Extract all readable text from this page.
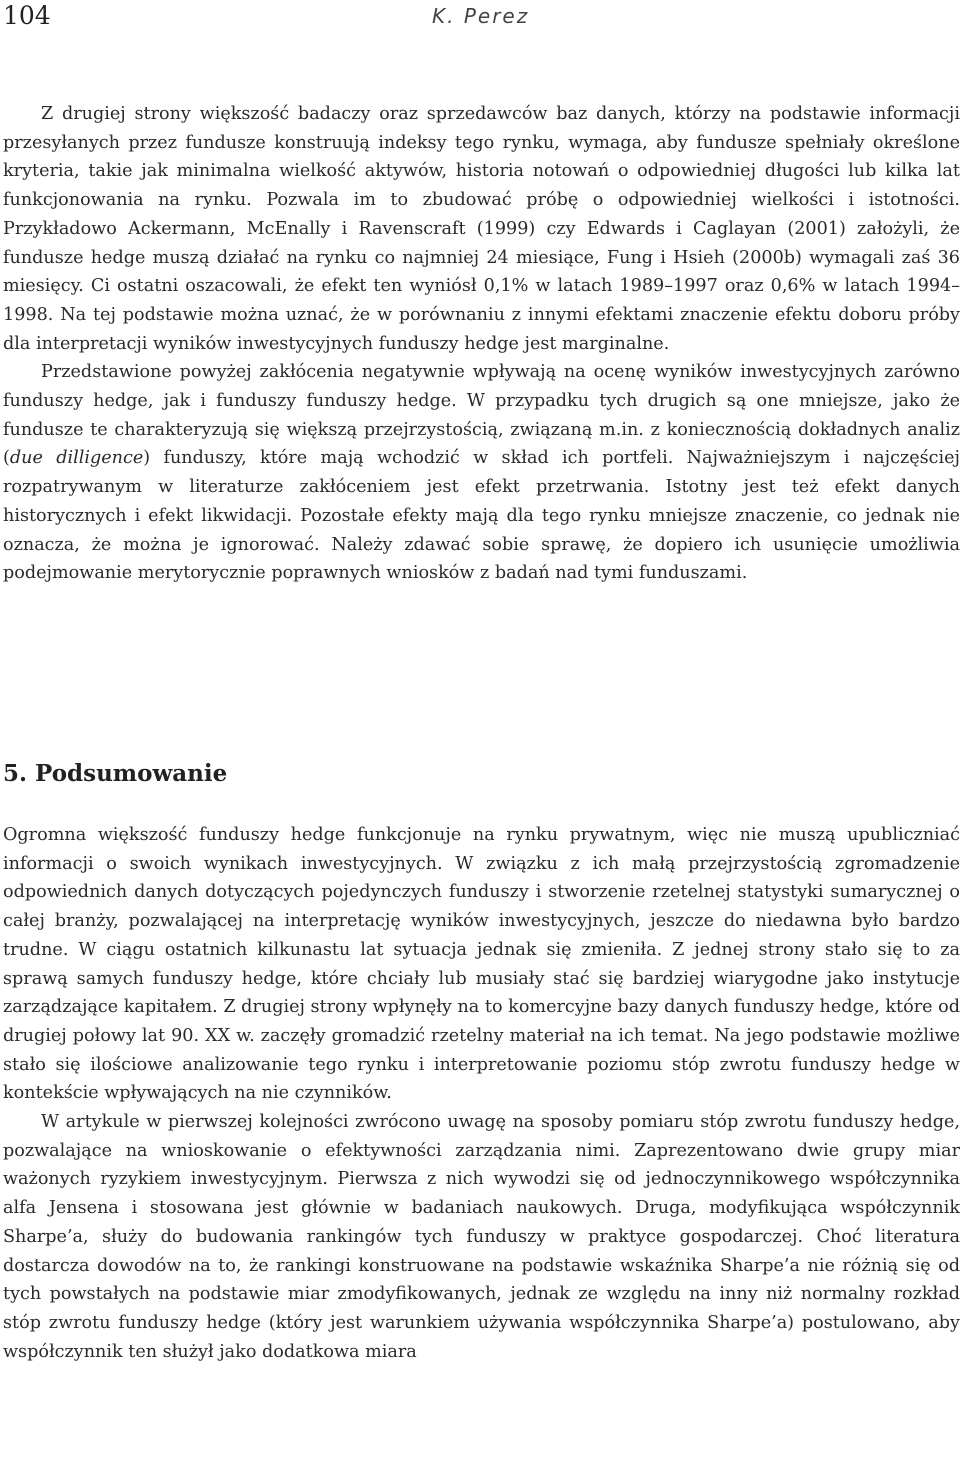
104	K. Perez

Z drugiej strony większość badaczy oraz sprzedawców baz danych, którzy na podstawie informacji przesyłanych przez fundusze konstruują indeksy tego rynku, wymaga, aby fundusze spełniały określone kryteria, takie jak minimalna wielkość aktywów, historia notowań o odpowiedniej długości lub kilka lat funkcjonowania na rynku. Pozwala im to zbudować próbę o odpowiedniej wielkości i istotności. Przykładowo Ackermann, McEnally i Ravenscraft (1999) czy Edwards i Caglayan (2001) założyli, że fundusze hedge muszą działać na rynku co najmniej 24 miesiące, Fung i Hsieh (2000b) wymagali zaś 36 miesięcy. Ci ostatni oszacowali, że efekt ten wyniósł 0,1% w latach 1989–1997 oraz 0,6% w latach 1994–1998. Na tej podstawie można uznać, że w porównaniu z innymi efektami znaczenie efektu doboru próby dla interpretacji wyników inwestycyjnych funduszy hedge jest marginalne.

Przedstawione powyżej zakłócenia negatywnie wpływają na ocenę wyników inwestycyjnych zarówno funduszy hedge, jak i funduszy funduszy hedge. W przypadku tych drugich są one mniejsze, jako że fundusze te charakteryzują się większą przejrzystością, związaną m.in. z koniecznością dokładnych analiz (due dilligence) funduszy, które mają wchodzić w skład ich portfeli. Najważniejszym i najczęściej rozpatrywanym w literaturze zakłóceniem jest efekt przetrwania. Istotny jest też efekt danych historycznych i efekt likwidacji. Pozostałe efekty mają dla tego rynku mniejsze znaczenie, co jednak nie oznacza, że można je ignorować. Należy zdawać sobie sprawę, że dopiero ich usunięcie umożliwia podejmowanie merytorycznie poprawnych wniosków z badań nad tymi funduszami.

5. Podsumowanie

Ogromna większość funduszy hedge funkcjonuje na rynku prywatnym, więc nie muszą upubliczniać informacji o swoich wynikach inwestycyjnych. W związku z ich małą przejrzystością zgromadzenie odpowiednich danych dotyczących pojedynczych funduszy i stworzenie rzetelnej statystyki sumarycznej o całej branży, pozwalającej na interpretację wyników inwestycyjnych, jeszcze do niedawna było bardzo trudne. W ciągu ostatnich kilkunastu lat sytuacja jednak się zmieniła. Z jednej strony stało się to za sprawą samych funduszy hedge, które chciały lub musiały stać się bardziej wiarygodne jako instytucje zarządzające kapitałem. Z drugiej strony wpłynęły na to komercyjne bazy danych funduszy hedge, które od drugiej połowy lat 90. XX w. zaczęły gromadzić rzetelny materiał na ich temat. Na jego podstawie możliwe stało się ilościowe analizowanie tego rynku i interpretowanie poziomu stóp zwrotu funduszy hedge w kontekście wpływających na nie czynników.

W artykule w pierwszej kolejności zwrócono uwagę na sposoby pomiaru stóp zwrotu funduszy hedge, pozwalające na wnioskowanie o efektywności zarządzania nimi. Zaprezentowano dwie grupy miar ważonych ryzykiem inwestycyjnym. Pierwsza z nich wywodzi się od jednoczynnikowego współczynnika alfa Jensena i stosowana jest głównie w badaniach naukowych. Druga, modyfikująca współczynnik Sharpe’a, służy do budowania rankingów tych funduszy w praktyce gospodarczej. Choć literatura dostarcza dowodów na to, że rankingi konstruowane na podstawie wskaźnika Sharpe’a nie różnią się od tych powstałych na podstawie miar zmodyfikowanych, jednak ze względu na inny niż normalny rozkład stóp zwrotu funduszy hedge (który jest warunkiem używania współczynnika Sharpe’a) postulowano, aby współczynnik ten służył jako dodatkowa miara
